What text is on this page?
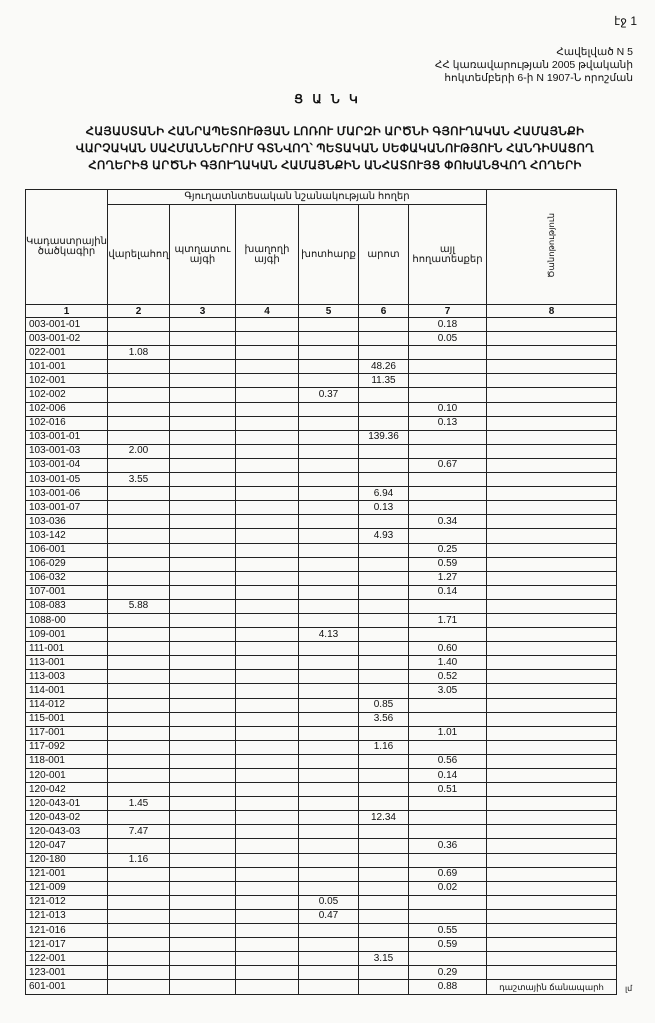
էջ 1
Հավելված N 5
ՀՀ կառավարության 2005 թվականի
հոկտեմբերի 6-ի N 1907-Ն որոշման
Ց Ա Ն Կ
ՀԱՅԱՍՏԱՆԻ ՀԱՆՐԱՊԵՏՈՒԹՅԱՆ ԼՈՌՈՒ ՄԱՐԶԻ ԱՐԾՆԻ ԳՅՈՒՂԱԿԱՆ ՀԱՄԱՅՆՔԻ
ՎԱՐՉԱԿԱՆ ՍԱՀՄԱՆՆԵՐՈՒՄ ԳՏՆՎՈՂ՝ ՊԵՏԱԿԱՆ ՍԵՓԱԿԱՆՈՒԹՅՈՒՆ ՀԱՆԴԻՍԱՑՈՂ
ՀՈՂԵՐԻՑ ԱՐԾՆԻ ԳՅՈՒՂԱԿԱՆ ՀԱՄԱՅՆՔԻՆ ԱՆՀԱՏՈՒՅՑ ՓՈԽԱՆՑՎՈՂ ՀՈՂԵՐԻ
Կադաստրային ծածկագիր	Գյուղատնտեսական նշանակության հողեր						Ծանոթություն
	վարելահող	պտղատու այգի	խաղողի այգի	խոտհարք	արոտ	այլ հողատեսքեր	
1	2	3	4	5	6	7	8
003-001-01						0.18	
003-001-02						0.05	
022-001	1.08						
101-001					48.26		
102-001					11.35		
102-002				0.37			
102-006						0.10	
102-016						0.13	
103-001-01					139.36		
103-001-03	2.00						
103-001-04						0.67	
103-001-05	3.55						
103-001-06					6.94		
103-001-07					0.13		
103-036						0.34	
103-142					4.93		
106-001						0.25	
106-029						0.59	
106-032						1.27	
107-001						0.14	
108-083	5.88						
1088-00						1.71	
109-001				4.13			
111-001						0.60	
113-001						1.40	
113-003						0.52	
114-001						3.05	
114-012					0.85		
115-001					3.56		
117-001						1.01	
117-092					1.16		
118-001						0.56	
120-001						0.14	
120-042						0.51	
120-043-01	1.45						
120-043-02					12.34		
120-043-03	7.47						
120-047						0.36	
120-180	1.16						
121-001						0.69	
121-009						0.02	
121-012				0.05			
121-013				0.47			
121-016						0.55	
121-017						0.59	
122-001					3.15		
123-001						0.29	
601-001						0.88	դաշտային ճանապարհ	լմ
